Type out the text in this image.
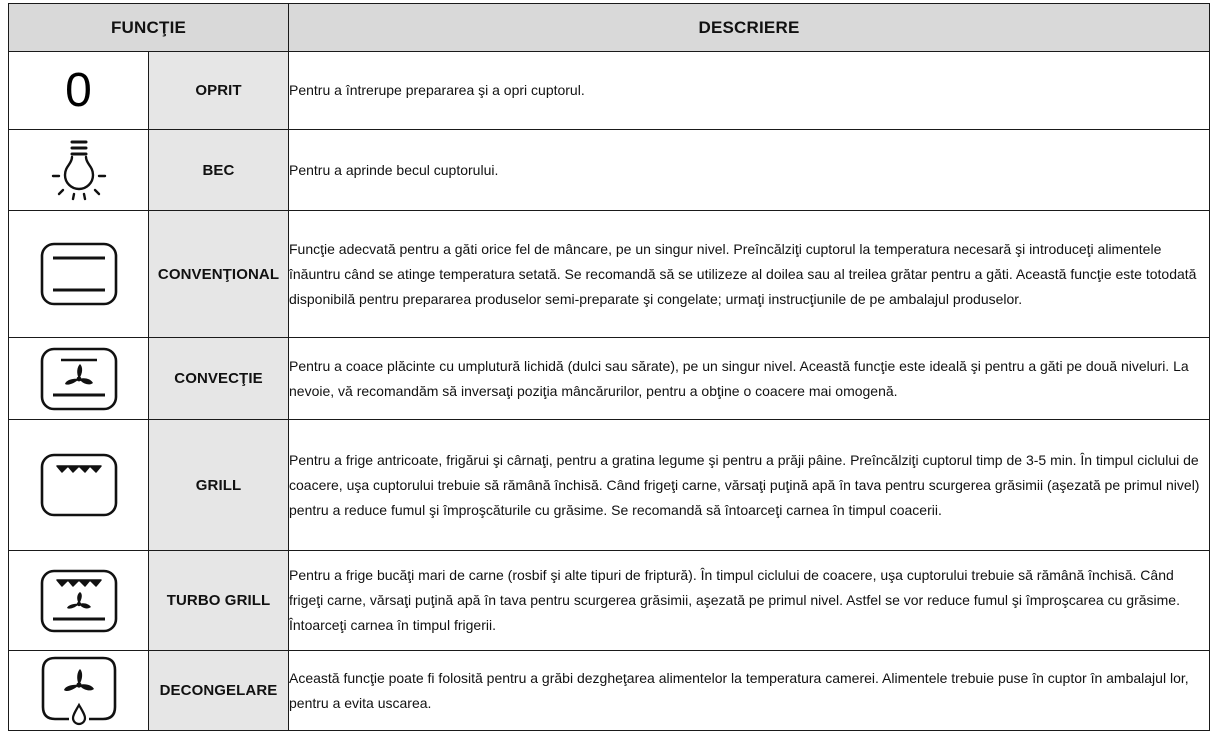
FUNCŢIE		DESCRIERE

0	OPRIT	Pentru a întrerupe prepararea şi a opri cuptorul.

	BEC	Pentru a aprinde becul cuptorului.

	CONVENŢIONAL	Funcţie adecvată pentru a găti orice fel de mâncare, pe un singur nivel. Preîncălziţi cuptorul la temperatura necesară şi introduceţi alimentele înăuntru când se atinge temperatura setată. Se recomandă să se utilizeze al doilea sau al treilea grătar pentru a găti. Această funcţie este totodată disponibilă pentru prepararea produselor semi-preparate şi congelate; urmaţi instrucţiunile de pe ambalajul produselor.

	CONVECŢIE	Pentru a coace plăcinte cu umplutură lichidă (dulci sau sărate), pe un singur nivel. Această funcţie este ideală şi pentru a găti pe două niveluri. La nevoie, vă recomandăm să inversaţi poziţia mâncărurilor, pentru a obţine o coacere mai omogenă.

	GRILL	Pentru a frige antricoate, frigărui şi cârnaţi, pentru a gratina legume şi pentru a prăji pâine. Preîncălziţi cuptorul timp de 3-5 min. În timpul ciclului de coacere, uşa cuptorului trebuie să rămână închisă. Când frigeţi carne, vărsaţi puţină apă în tava pentru scurgerea grăsimii (aşezată pe primul nivel) pentru a reduce fumul şi împroşcăturile cu grăsime. Se recomandă să întoarceţi carnea în timpul coacerii.

	TURBO GRILL	Pentru a frige bucăţi mari de carne (rosbif şi alte tipuri de friptură). În timpul ciclului de coacere, uşa cuptorului trebuie să rămână închisă. Când frigeţi carne, vărsaţi puţină apă în tava pentru scurgerea grăsimii, aşezată pe primul nivel. Astfel se vor reduce fumul şi împroşcarea cu grăsime. Întoarceţi carnea în timpul frigerii.

	DECONGELARE	Această funcţie poate fi folosită pentru a grăbi dezgheţarea alimentelor la temperatura camerei. Alimentele trebuie puse în cuptor în ambalajul lor, pentru a evita uscarea.
